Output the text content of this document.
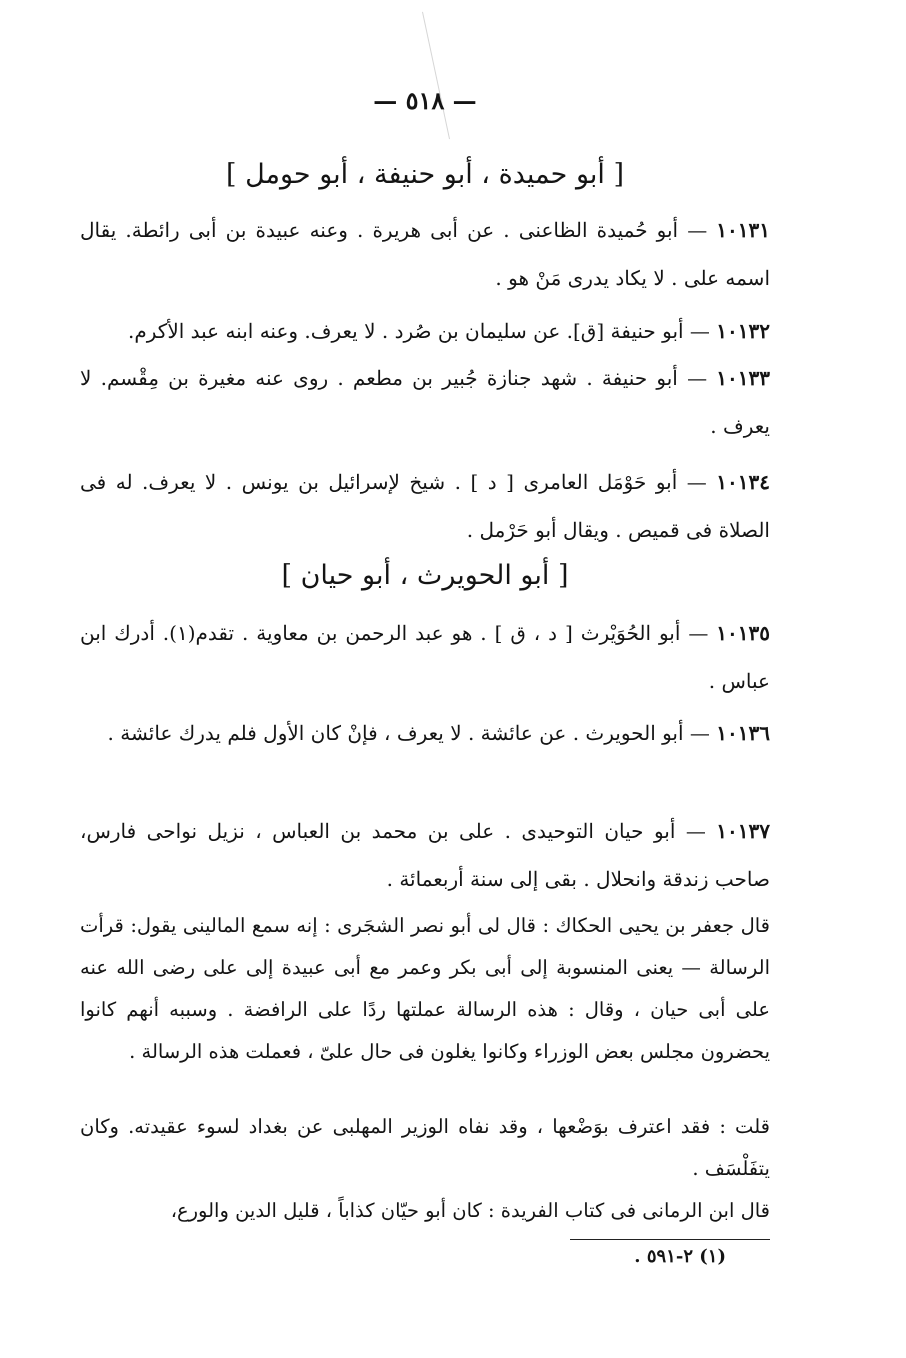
— ٥١٨ —
[ أبو حميدة ، أبو حنيفة ، أبو حومل ]
١٠١٣١ — أبو حُميدة الظاعنى . عن أبى هريرة . وعنه عبيدة بن أبى رائطة. يقال اسمه على . لا يكاد يدرى مَنْ هو .
١٠١٣٢ — أبو حنيفة [ق]. عن سليمان بن صُرد . لا يعرف. وعنه ابنه عبد الأكرم.
١٠١٣٣ — أبو حنيفة . شهد جنازة جُبير بن مطعم . روى عنه مغيرة بن مِقْسم. لا يعرف .
١٠١٣٤ — أبو حَوْمَل العامرى [ د ] . شيخ لإسرائيل بن يونس . لا يعرف. له فى الصلاة فى قميص . ويقال أبو حَرْمل .
[ أبو الحويرث ، أبو حيان ]
١٠١٣٥ — أبو الحُوَيْرث [ د ، ق ] . هو عبد الرحمن بن معاوية . تقدم(١). أدرك ابن عباس .
١٠١٣٦ — أبو الحويرث . عن عائشة . لا يعرف ، فإنْ كان الأول فلم يدرك عائشة .
١٠١٣٧ — أبو حيان التوحيدى . على بن محمد بن العباس ، نزيل نواحى فارس، صاحب زندقة وانحلال . بقى إلى سنة أربعمائة .
قال جعفر بن يحيى الحكاك : قال لى أبو نصر الشجَرى : إنه سمع المالينى يقول: قرأت الرسالة — يعنى المنسوبة إلى أبى بكر وعمر مع أبى عبيدة إلى على رضى الله عنه على أبى حيان ، وقال : هذه الرسالة عملتها ردًا على الرافضة . وسببه أنهم كانوا يحضرون مجلس بعض الوزراء وكانوا يغلون فى حال علىّ ، فعملت هذه الرسالة .
قلت : فقد اعترف بوَضْعها ، وقد نفاه الوزير المهلبى عن بغداد لسوء عقيدته. وكان يتفَلْسَف .
قال ابن الرمانى فى كتاب الفريدة : كان أبو حيّان كذاباً ، قليل الدين والورع،
(١) ٢-٥٩١ .
